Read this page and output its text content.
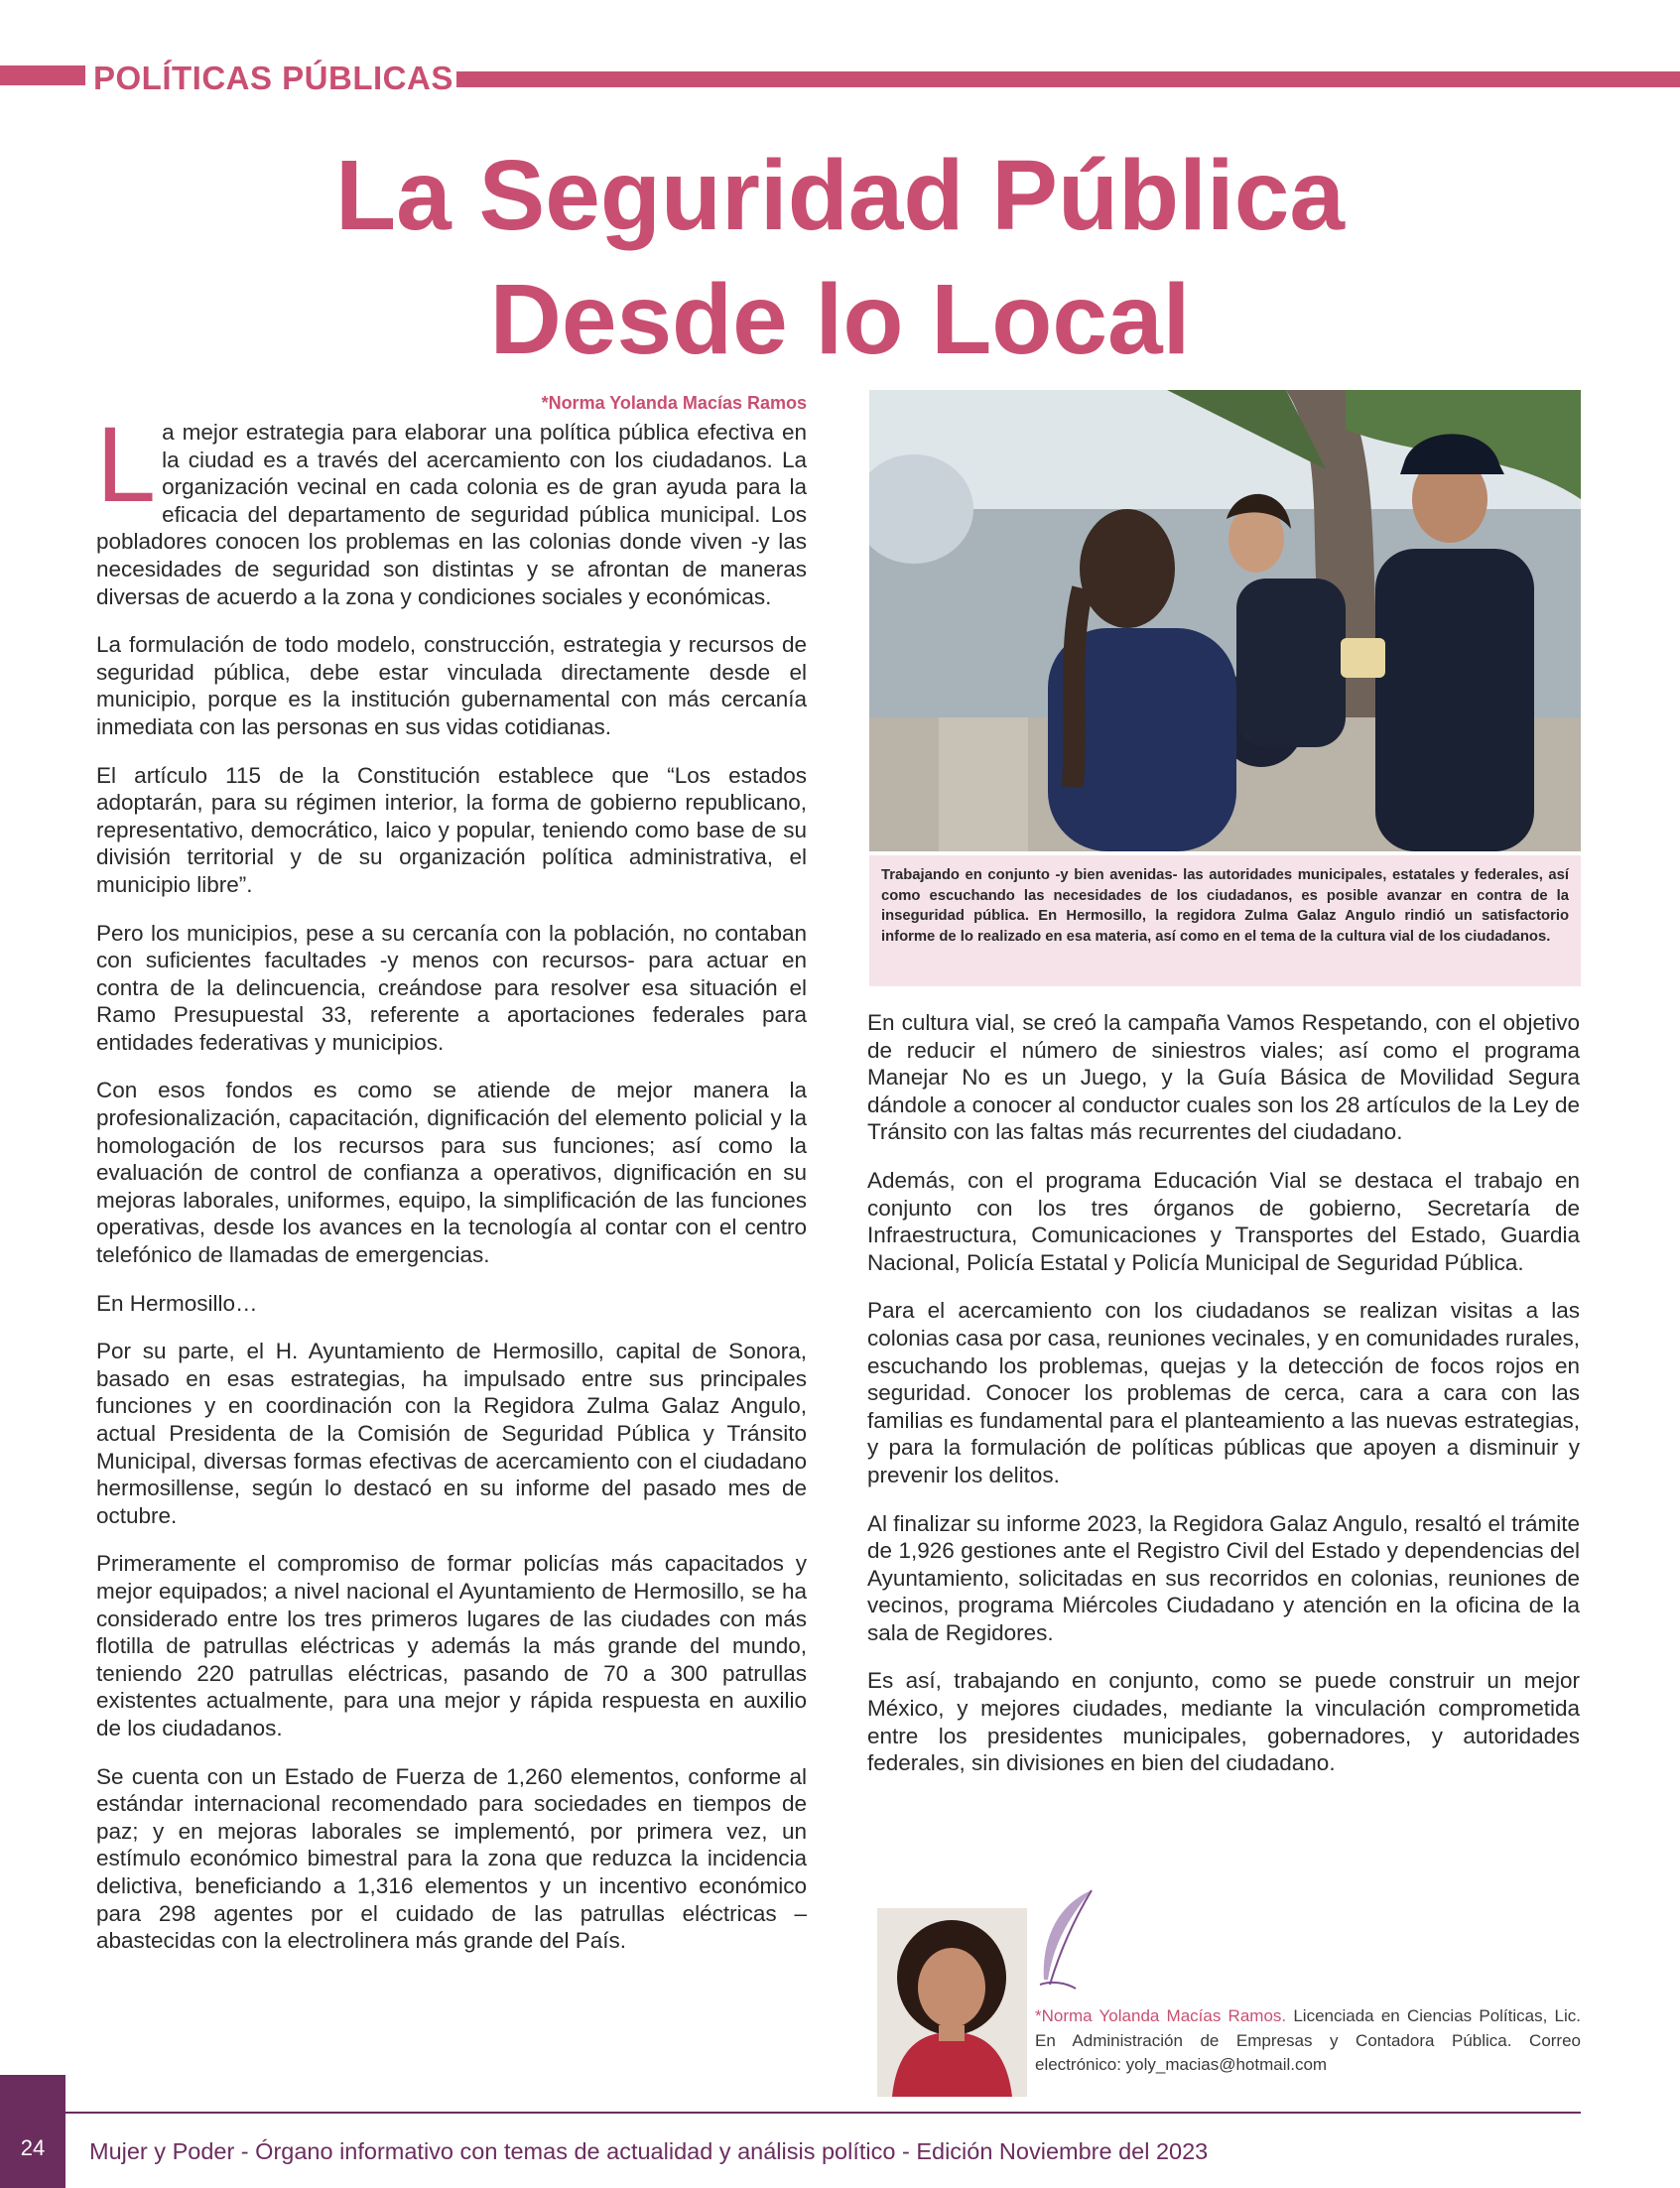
POLÍTICAS PÚBLICAS
La Seguridad Pública
Desde lo Local
*Norma Yolanda Macías Ramos

La mejor estrategia para elaborar una política pública efectiva en la ciudad es a través del acercamiento con los ciudadanos. La organización vecinal en cada colonia es de gran ayuda para la eficacia del departamento de seguridad pública municipal. Los pobladores conocen los problemas en las colonias donde viven -y las necesidades de seguridad son distintas y se afrontan de maneras diversas de acuerdo a la zona y condiciones sociales y económicas.

La formulación de todo modelo, construcción, estrategia y recursos de seguridad pública, debe estar vinculada directamente desde el municipio, porque es la institución gubernamental con más cercanía inmediata con las personas en sus vidas cotidianas.

El artículo 115 de la Constitución establece que “Los estados adoptarán, para su régimen interior, la forma de gobierno republicano, representativo, democrático, laico y popular, teniendo como base de su división territorial y de su organización política administrativa, el municipio libre”.

Pero los municipios, pese a su cercanía con la población, no contaban con suficientes facultades -y menos con recursos- para actuar en contra de la delincuencia, creándose para resolver esa situación el Ramo Presupuestal 33, referente a aportaciones federales para entidades federativas y municipios.

Con esos fondos es como se atiende de mejor manera la profesionalización, capacitación, dignificación del elemento policial y la homologación de los recursos para sus funciones; así como la evaluación de control de confianza a operativos, dignificación en su mejoras laborales, uniformes, equipo, la simplificación de las funciones operativas, desde los avances en la tecnología al contar con el centro telefónico de llamadas de emergencias.

En Hermosillo…

Por su parte, el H. Ayuntamiento de Hermosillo, capital de Sonora, basado en esas estrategias, ha impulsado entre sus principales funciones y en coordinación con la Regidora Zulma Galaz Angulo, actual Presidenta de la Comisión de Seguridad Pública y Tránsito Municipal, diversas formas efectivas de acercamiento con el ciudadano hermosillense, según lo destacó en su informe del pasado mes de octubre.

Primeramente el compromiso de formar policías más capacitados y mejor equipados; a nivel nacional el Ayuntamiento de Hermosillo, se ha considerado entre los tres primeros lugares de las ciudades con más flotilla de patrullas eléctricas y además la más grande del mundo, teniendo 220 patrullas eléctricas, pasando de 70 a 300 patrullas existentes actualmente, para una mejor y rápida respuesta en auxilio de los ciudadanos.

Se cuenta con un Estado de Fuerza de 1,260 elementos, conforme al estándar internacional recomendado para sociedades en tiempos de paz; y en mejoras laborales se implementó, por primera vez, un estímulo económico bimestral para la zona que reduzca la incidencia delictiva, beneficiando a 1,316 elementos y un incentivo económico para 298 agentes por el cuidado de las patrullas eléctricas – abastecidas con la electrolinera más grande del País.

Trabajando en conjunto -y bien avenidas- las autoridades municipales, estatales y federales, así como escuchando las necesidades de los ciudadanos, es posible avanzar en contra de la inseguridad pública. En Hermosillo, la regidora Zulma Galaz Angulo rindió un satisfactorio informe de lo realizado en esa materia, así como en el tema de la cultura vial de los ciudadanos.

En cultura vial, se creó la campaña Vamos Respetando, con el objetivo de reducir el número de siniestros viales; así como el programa Manejar No es un Juego, y la Guía Básica de Movilidad Segura dándole a conocer al conductor cuales son los 28 artículos de la Ley de Tránsito con las faltas más recurrentes del ciudadano.

Además, con el programa Educación Vial se destaca el trabajo en conjunto con los tres órganos de gobierno, Secretaría de Infraestructura, Comunicaciones y Transportes del Estado, Guardia Nacional, Policía Estatal y Policía Municipal de Seguridad Pública.

Para el acercamiento con los ciudadanos se realizan visitas a las colonias casa por casa, reuniones vecinales, y en comunidades rurales, escuchando los problemas, quejas y la detección de focos rojos en seguridad. Conocer los problemas de cerca, cara a cara con las familias es fundamental para el planteamiento a las nuevas estrategias, y para la formulación de políticas públicas que apoyen a disminuir y prevenir los delitos.

Al finalizar su informe 2023, la Regidora Galaz Angulo, resaltó el trámite de 1,926 gestiones ante el Registro Civil del Estado y dependencias del Ayuntamiento, solicitadas en sus recorridos en colonias, reuniones de vecinos, programa Miércoles Ciudadano y atención en la oficina de la sala de Regidores.

Es así, trabajando en conjunto, como se puede construir un mejor México, y mejores ciudades, mediante la vinculación comprometida entre los presidentes municipales, gobernadores, y autoridades federales, sin divisiones en bien del ciudadano.

*Norma Yolanda Macías Ramos. Licenciada en Ciencias Políticas, Lic. En Administración de Empresas y Contadora Pública. Correo electrónico: yoly_macias@hotmail.com
24	Mujer y Poder - Órgano informativo con temas de actualidad y análisis político - Edición Noviembre del 2023
